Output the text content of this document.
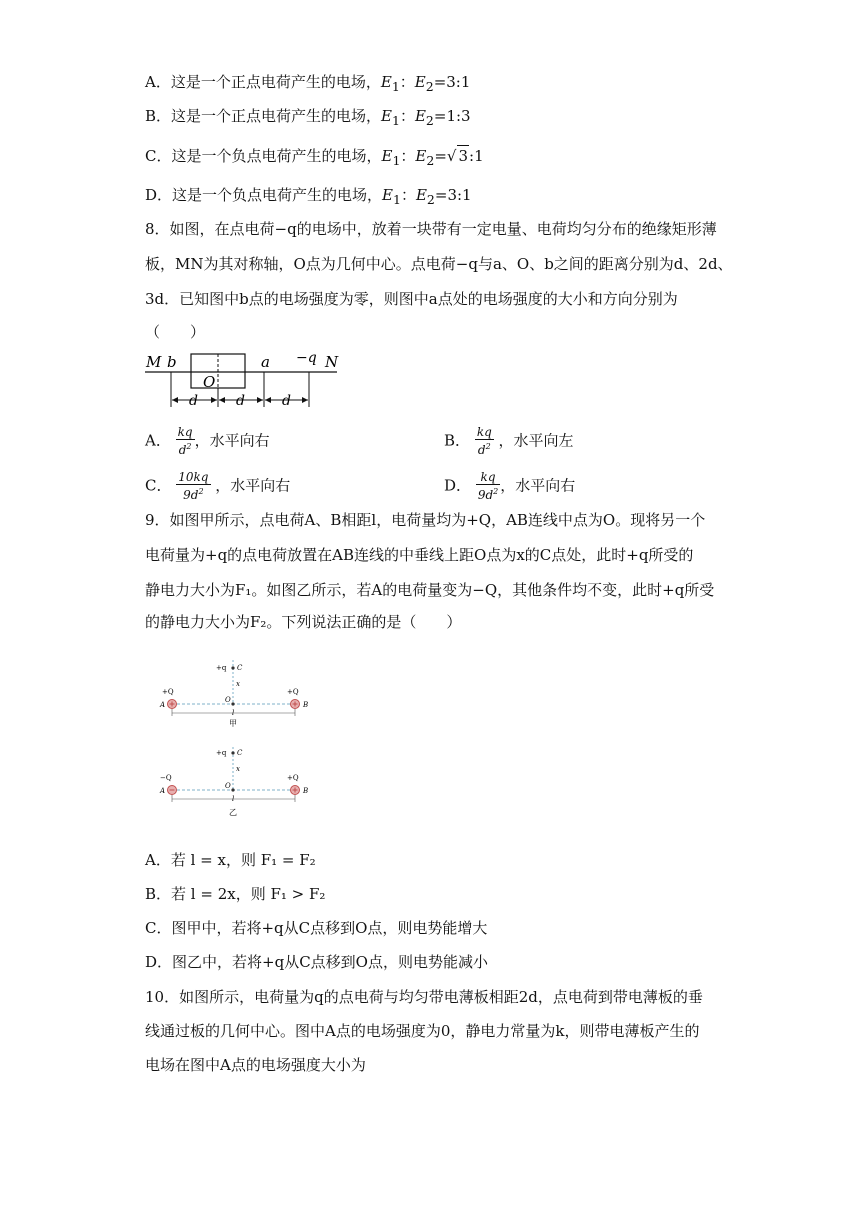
A．这是一个正点电荷产生的电场，$E_1$：$E_2=3:1$
B．这是一个正点电荷产生的电场，$E_1$：$E_2=1:3$
C．这是一个负点电荷产生的电场，$E_1$：$E_2=√$ 3:1
D．这是一个负点电荷产生的电场，$E_1$：$E_2=3:1$
8．如图，在点电荷−q的电场中，放着一块带有一定电量、电荷均匀分布的绝缘矩形薄
板，MN为其对称轴，O点为几何中心。点电荷−q与a、O、b之间的距离分别为d、2d、
3d．已知图中b点的电场强度为零，则图中a点处的电场强度的大小和方向分别为
（　　）
M b
O
a −q N
d	d	d
A． $\frac{kq}{d^2}$ ，水平向右	B． $\frac{kq}{d^2}$ ，水平向左
C． $\frac{10kq}{9d^2}$ ，水平向右	D． $\frac{kq}{9d^2}$ ，水平向右
9．如图甲所示，点电荷A、B相距l，电荷量均为+Q，AB连线中点为O。现将另一个
电荷量为+q的点电荷放置在AB连线的中垂线上距O点为x的C点处，此时+q所受的
静电力大小为F₁。如图乙所示，若A的电荷量变为−Q，其他条件均不变，此时+q所受
的静电力大小为F₂。下列说法正确的是（　　）
+q C
x
+Q	+Q
A	B
O
l
甲
+q C
x
−Q	+Q
A	B
O
l
乙
A．若 l = x，则 F₁ = F₂
B．若 l = 2x，则 F₁ > F₂
C．图甲中，若将+q从C点移到O点，则电势能增大
D．图乙中，若将+q从C点移到O点，则电势能减小
10．如图所示，电荷量为q的点电荷与均匀带电薄板相距2d，点电荷到带电薄板的垂
线通过板的几何中心。图中A点的电场强度为0，静电力常量为k，则带电薄板产生的
电场在图中A点的电场强度大小为
